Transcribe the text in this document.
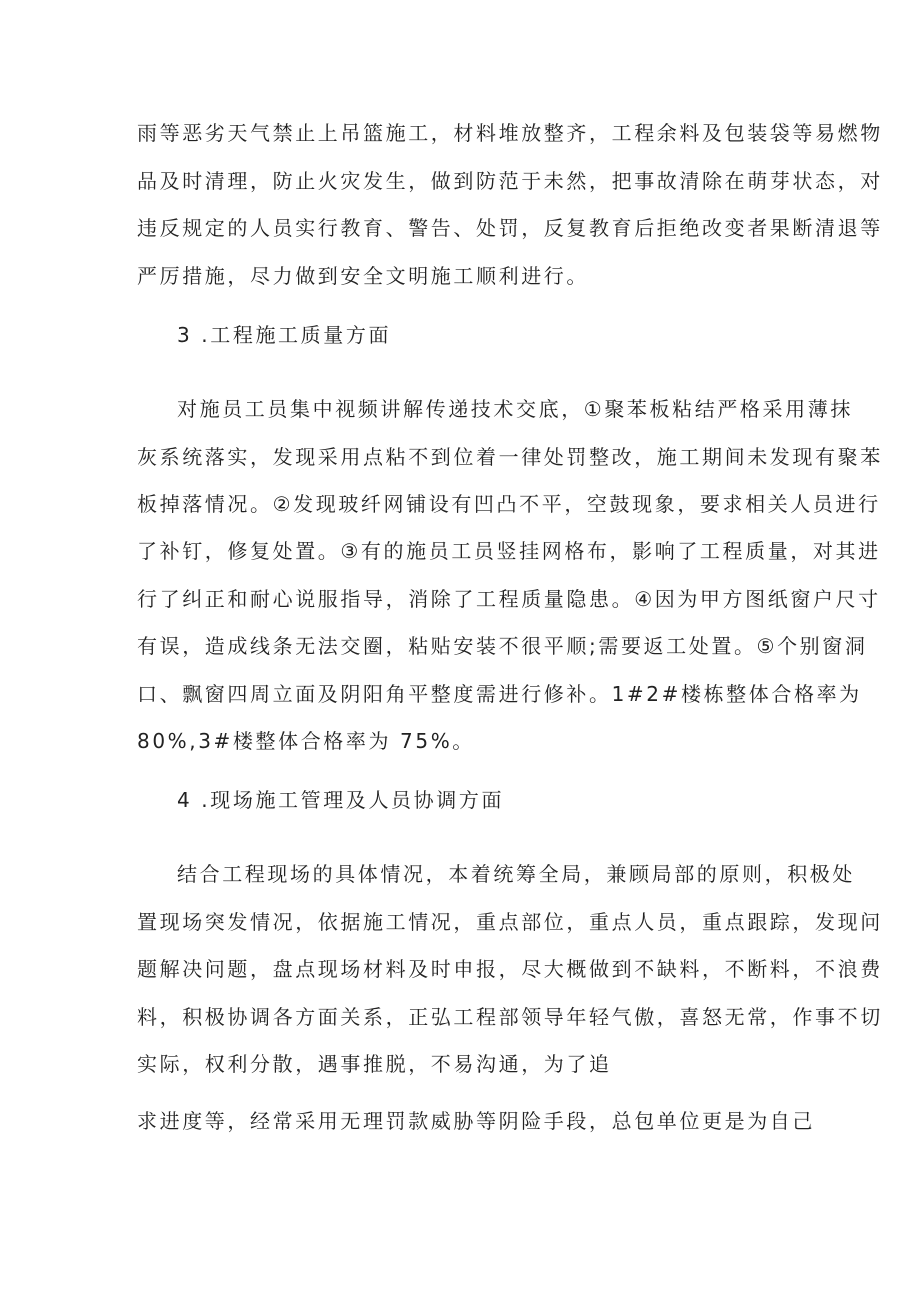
雨等恶劣天气禁止上吊篮施工，材料堆放整齐，工程余料及包装袋等易燃物
品及时清理，防止火灾发生，做到防范于未然，把事故清除在萌芽状态，对
违反规定的人员实行教育、警告、处罚，反复教育后拒绝改变者果断清退等
严厉措施，尽力做到安全文明施工顺利进行。
3 .工程施工质量方面
对施员工员集中视频讲解传递技术交底，①聚苯板粘结严格采用薄抹
灰系统落实，发现采用点粘不到位着一律处罚整改，施工期间未发现有聚苯
板掉落情况。②发现玻纤网铺设有凹凸不平，空鼓现象，要求相关人员进行
了补钉，修复处置。③有的施员工员竖挂网格布，影响了工程质量，对其进
行了纠正和耐心说服指导，消除了工程质量隐患。④因为甲方图纸窗户尺寸
有误，造成线条无法交圈，粘贴安装不很平顺;需要返工处置。⑤个别窗洞
口、飘窗四周立面及阴阳角平整度需进行修补。1#2#楼栋整体合格率为
80%,3#楼整体合格率为 75%。
4 .现场施工管理及人员协调方面
结合工程现场的具体情况，本着统筹全局，兼顾局部的原则，积极处
置现场突发情况，依据施工情况，重点部位，重点人员，重点跟踪，发现问
题解决问题，盘点现场材料及时申报，尽大概做到不缺料，不断料，不浪费
料，积极协调各方面关系，正弘工程部领导年轻气傲，喜怒无常，作事不切
实际，权利分散，遇事推脱，不易沟通，为了追
求进度等，经常采用无理罚款威胁等阴险手段，总包单位更是为自己
